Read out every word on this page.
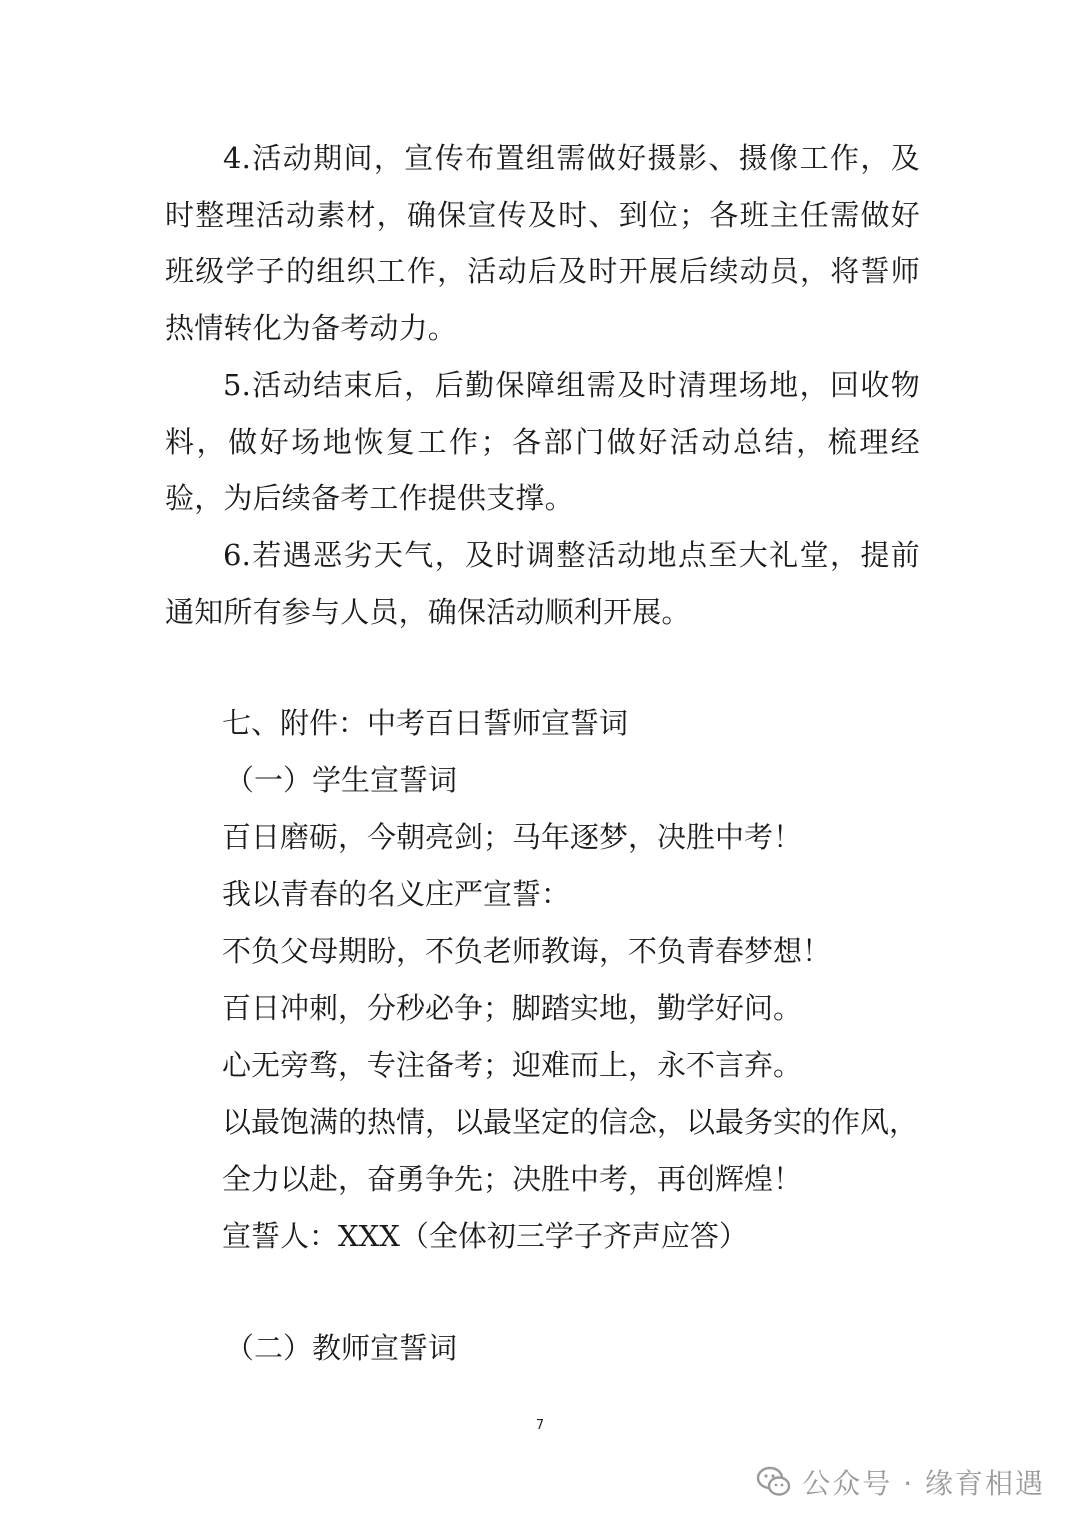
4.活动期间，宣传布置组需做好摄影、摄像工作，及时整理活动素材，确保宣传及时、到位；各班主任需做好班级学子的组织工作，活动后及时开展后续动员，将誓师热情转化为备考动力。

5.活动结束后，后勤保障组需及时清理场地，回收物料，做好场地恢复工作；各部门做好活动总结，梳理经验，为后续备考工作提供支撑。

6.若遇恶劣天气，及时调整活动地点至大礼堂，提前通知所有参与人员，确保活动顺利开展。

七、附件：中考百日誓师宣誓词
（一）学生宣誓词
百日磨砺，今朝亮剑；马年逐梦，决胜中考！
我以青春的名义庄严宣誓：
不负父母期盼，不负老师教诲，不负青春梦想！
百日冲刺，分秒必争；脚踏实地，勤学好问。
心无旁骛，专注备考；迎难而上，永不言弃。
以最饱满的热情，以最坚定的信念，以最务实的作风，
全力以赴，奋勇争先；决胜中考，再创辉煌！
宣誓人：XXX（全体初三学子齐声应答）
（二）教师宣誓词
7
公众号 · 缘育相遇
